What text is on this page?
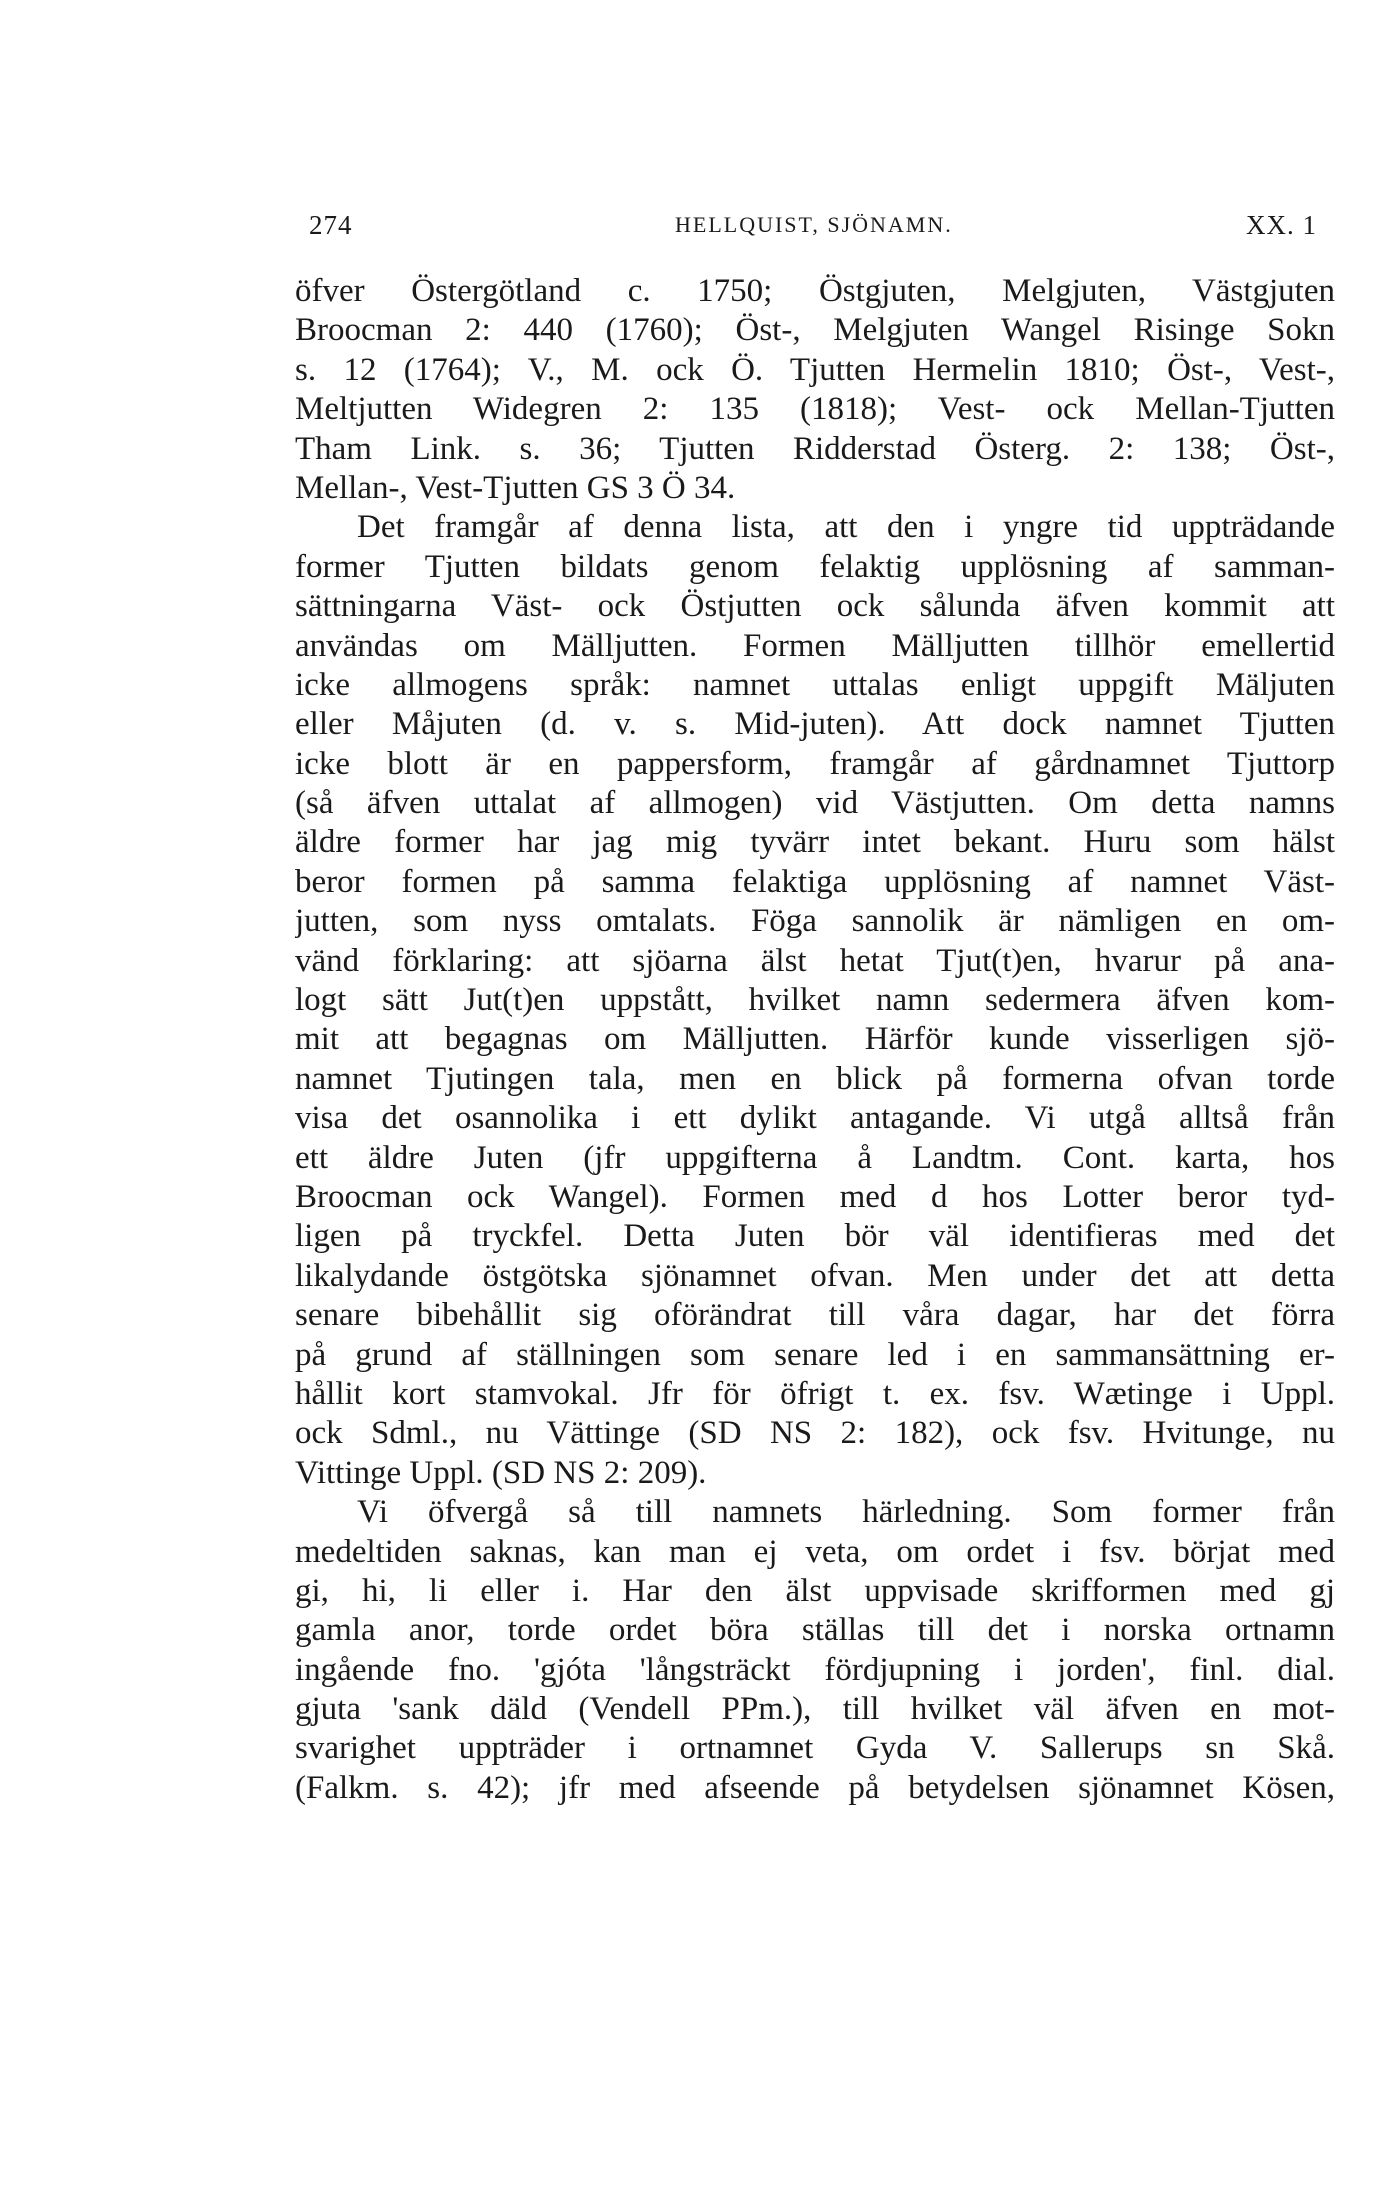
274	HELLQUIST, SJÖNAMN.	XX. 1
öfver Östergötland c. 1750; Östgjuten, Melgjuten, Västgjuten
Broocman 2: 440 (1760); Öst-, Melgjuten Wangel Risinge Sokn
s. 12 (1764); V., M. ock Ö. Tjutten Hermelin 1810; Öst-, Vest-,
Meltjutten Widegren 2: 135 (1818); Vest- ock Mellan-Tjutten
Tham Link. s. 36; Tjutten Ridderstad Österg. 2: 138; Öst-,
Mellan-, Vest-Tjutten GS 3 Ö 34.
Det framgår af denna lista, att den i yngre tid uppträdande
former Tjutten bildats genom felaktig upplösning af samman-
sättningarna Väst- ock Östjutten ock sålunda äfven kommit att
användas om Mälljutten. Formen Mälljutten tillhör emellertid
icke allmogens språk: namnet uttalas enligt uppgift Mäljuten
eller Måjuten (d. v. s. Mid-juten). Att dock namnet Tjutten
icke blott är en pappersform, framgår af gårdnamnet Tjuttorp
(så äfven uttalat af allmogen) vid Västjutten. Om detta namns
äldre former har jag mig tyvärr intet bekant. Huru som hälst
beror formen på samma felaktiga upplösning af namnet Väst-
jutten, som nyss omtalats. Föga sannolik är nämligen en om-
vänd förklaring: att sjöarna älst hetat Tjut(t)en, hvarur på ana-
logt sätt Jut(t)en uppstått, hvilket namn sedermera äfven kom-
mit att begagnas om Mälljutten. Härför kunde visserligen sjö-
namnet Tjutingen tala, men en blick på formerna ofvan torde
visa det osannolika i ett dylikt antagande. Vi utgå alltså från
ett äldre Juten (jfr uppgifterna å Landtm. Cont. karta, hos
Broocman ock Wangel). Formen med d hos Lotter beror tyd-
ligen på tryckfel. Detta Juten bör väl identifieras med det
likalydande östgötska sjönamnet ofvan. Men under det att detta
senare bibehållit sig oförändrat till våra dagar, har det förra
på grund af ställningen som senare led i en sammansättning er-
hållit kort stamvokal. Jfr för öfrigt t. ex. fsv. Wætinge i Uppl.
ock Sdml., nu Vättinge (SD NS 2: 182), ock fsv. Hvitunge, nu
Vittinge Uppl. (SD NS 2: 209).
Vi öfvergå så till namnets härledning. Som former från
medeltiden saknas, kan man ej veta, om ordet i fsv. börjat med
gi, hi, li eller i. Har den älst uppvisade skrifformen med gj
gamla anor, torde ordet böra ställas till det i norska ortnamn
ingående fno. 'gjóta 'långsträckt fördjupning i jorden', finl. dial.
gjuta 'sank däld (Vendell PPm.), till hvilket väl äfven en mot-
svarighet uppträder i ortnamnet Gyda V. Sallerups sn Skå.
(Falkm. s. 42); jfr med afseende på betydelsen sjönamnet Kösen,
